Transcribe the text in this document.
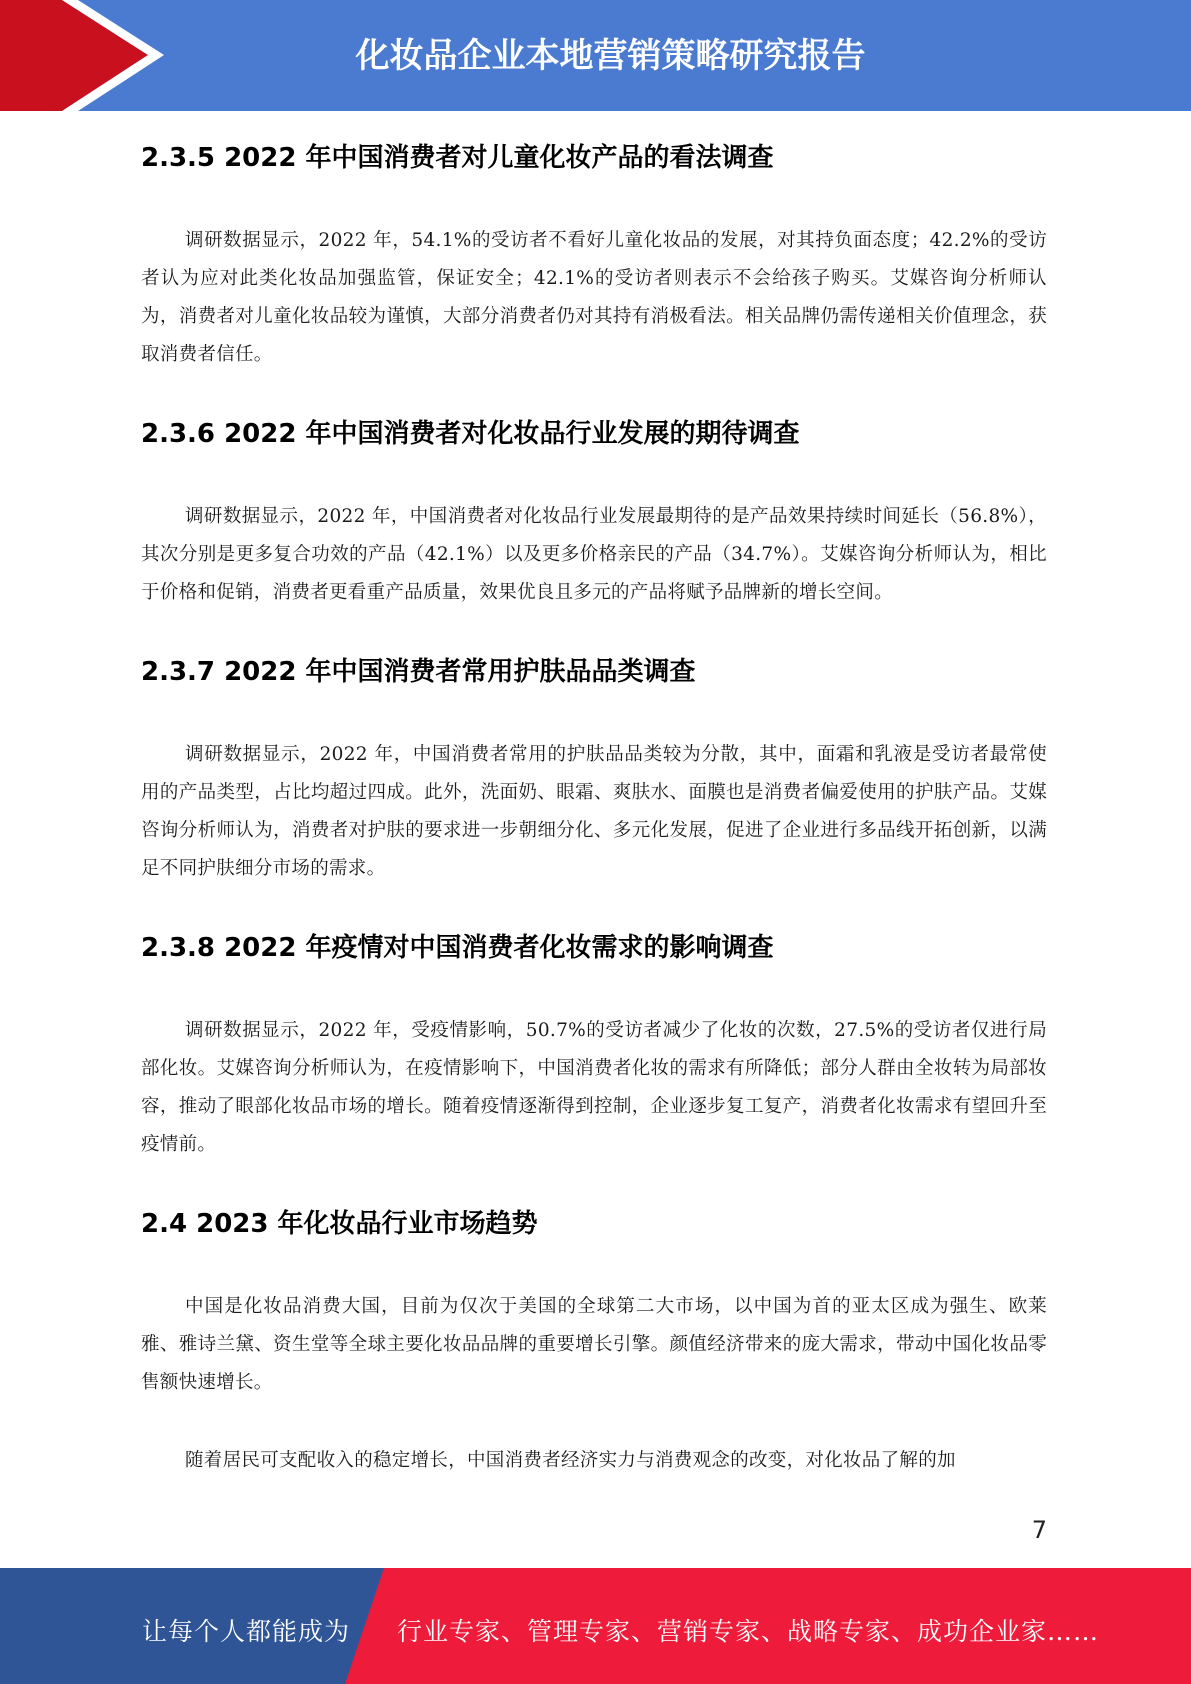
化妆品企业本地营销策略研究报告
2.3.5 2022 年中国消费者对儿童化妆产品的看法调查

调研数据显示，2022 年，54.1%的受访者不看好儿童化妆品的发展，对其持负面态度；42.2%的受访者认为应对此类化妆品加强监管，保证安全；42.1%的受访者则表示不会给孩子购买。艾媒咨询分析师认为，消费者对儿童化妆品较为谨慎，大部分消费者仍对其持有消极看法。相关品牌仍需传递相关价值理念，获取消费者信任。

2.3.6 2022 年中国消费者对化妆品行业发展的期待调查

调研数据显示，2022 年，中国消费者对化妆品行业发展最期待的是产品效果持续时间延长（56.8%），其次分别是更多复合功效的产品（42.1%）以及更多价格亲民的产品（34.7%）。艾媒咨询分析师认为，相比于价格和促销，消费者更看重产品质量，效果优良且多元的产品将赋予品牌新的增长空间。

2.3.7 2022 年中国消费者常用护肤品品类调查

调研数据显示，2022 年，中国消费者常用的护肤品品类较为分散，其中，面霜和乳液是受访者最常使用的产品类型，占比均超过四成。此外，洗面奶、眼霜、爽肤水、面膜也是消费者偏爱使用的护肤产品。艾媒咨询分析师认为，消费者对护肤的要求进一步朝细分化、多元化发展，促进了企业进行多品线开拓创新，以满足不同护肤细分市场的需求。

2.3.8 2022 年疫情对中国消费者化妆需求的影响调查

调研数据显示，2022 年，受疫情影响，50.7%的受访者减少了化妆的次数，27.5%的受访者仅进行局部化妆。艾媒咨询分析师认为，在疫情影响下，中国消费者化妆的需求有所降低；部分人群由全妆转为局部妆容，推动了眼部化妆品市场的增长。随着疫情逐渐得到控制，企业逐步复工复产，消费者化妆需求有望回升至疫情前。

2.4 2023 年化妆品行业市场趋势

中国是化妆品消费大国，目前为仅次于美国的全球第二大市场，以中国为首的亚太区成为强生、欧莱雅、雅诗兰黛、资生堂等全球主要化妆品品牌的重要增长引擎。颜值经济带来的庞大需求，带动中国化妆品零售额快速增长。

随着居民可支配收入的稳定增长，中国消费者经济实力与消费观念的改变，对化妆品了解的加

7
让每个人都能成为 行业专家、管理专家、营销专家、战略专家、成功企业家……
